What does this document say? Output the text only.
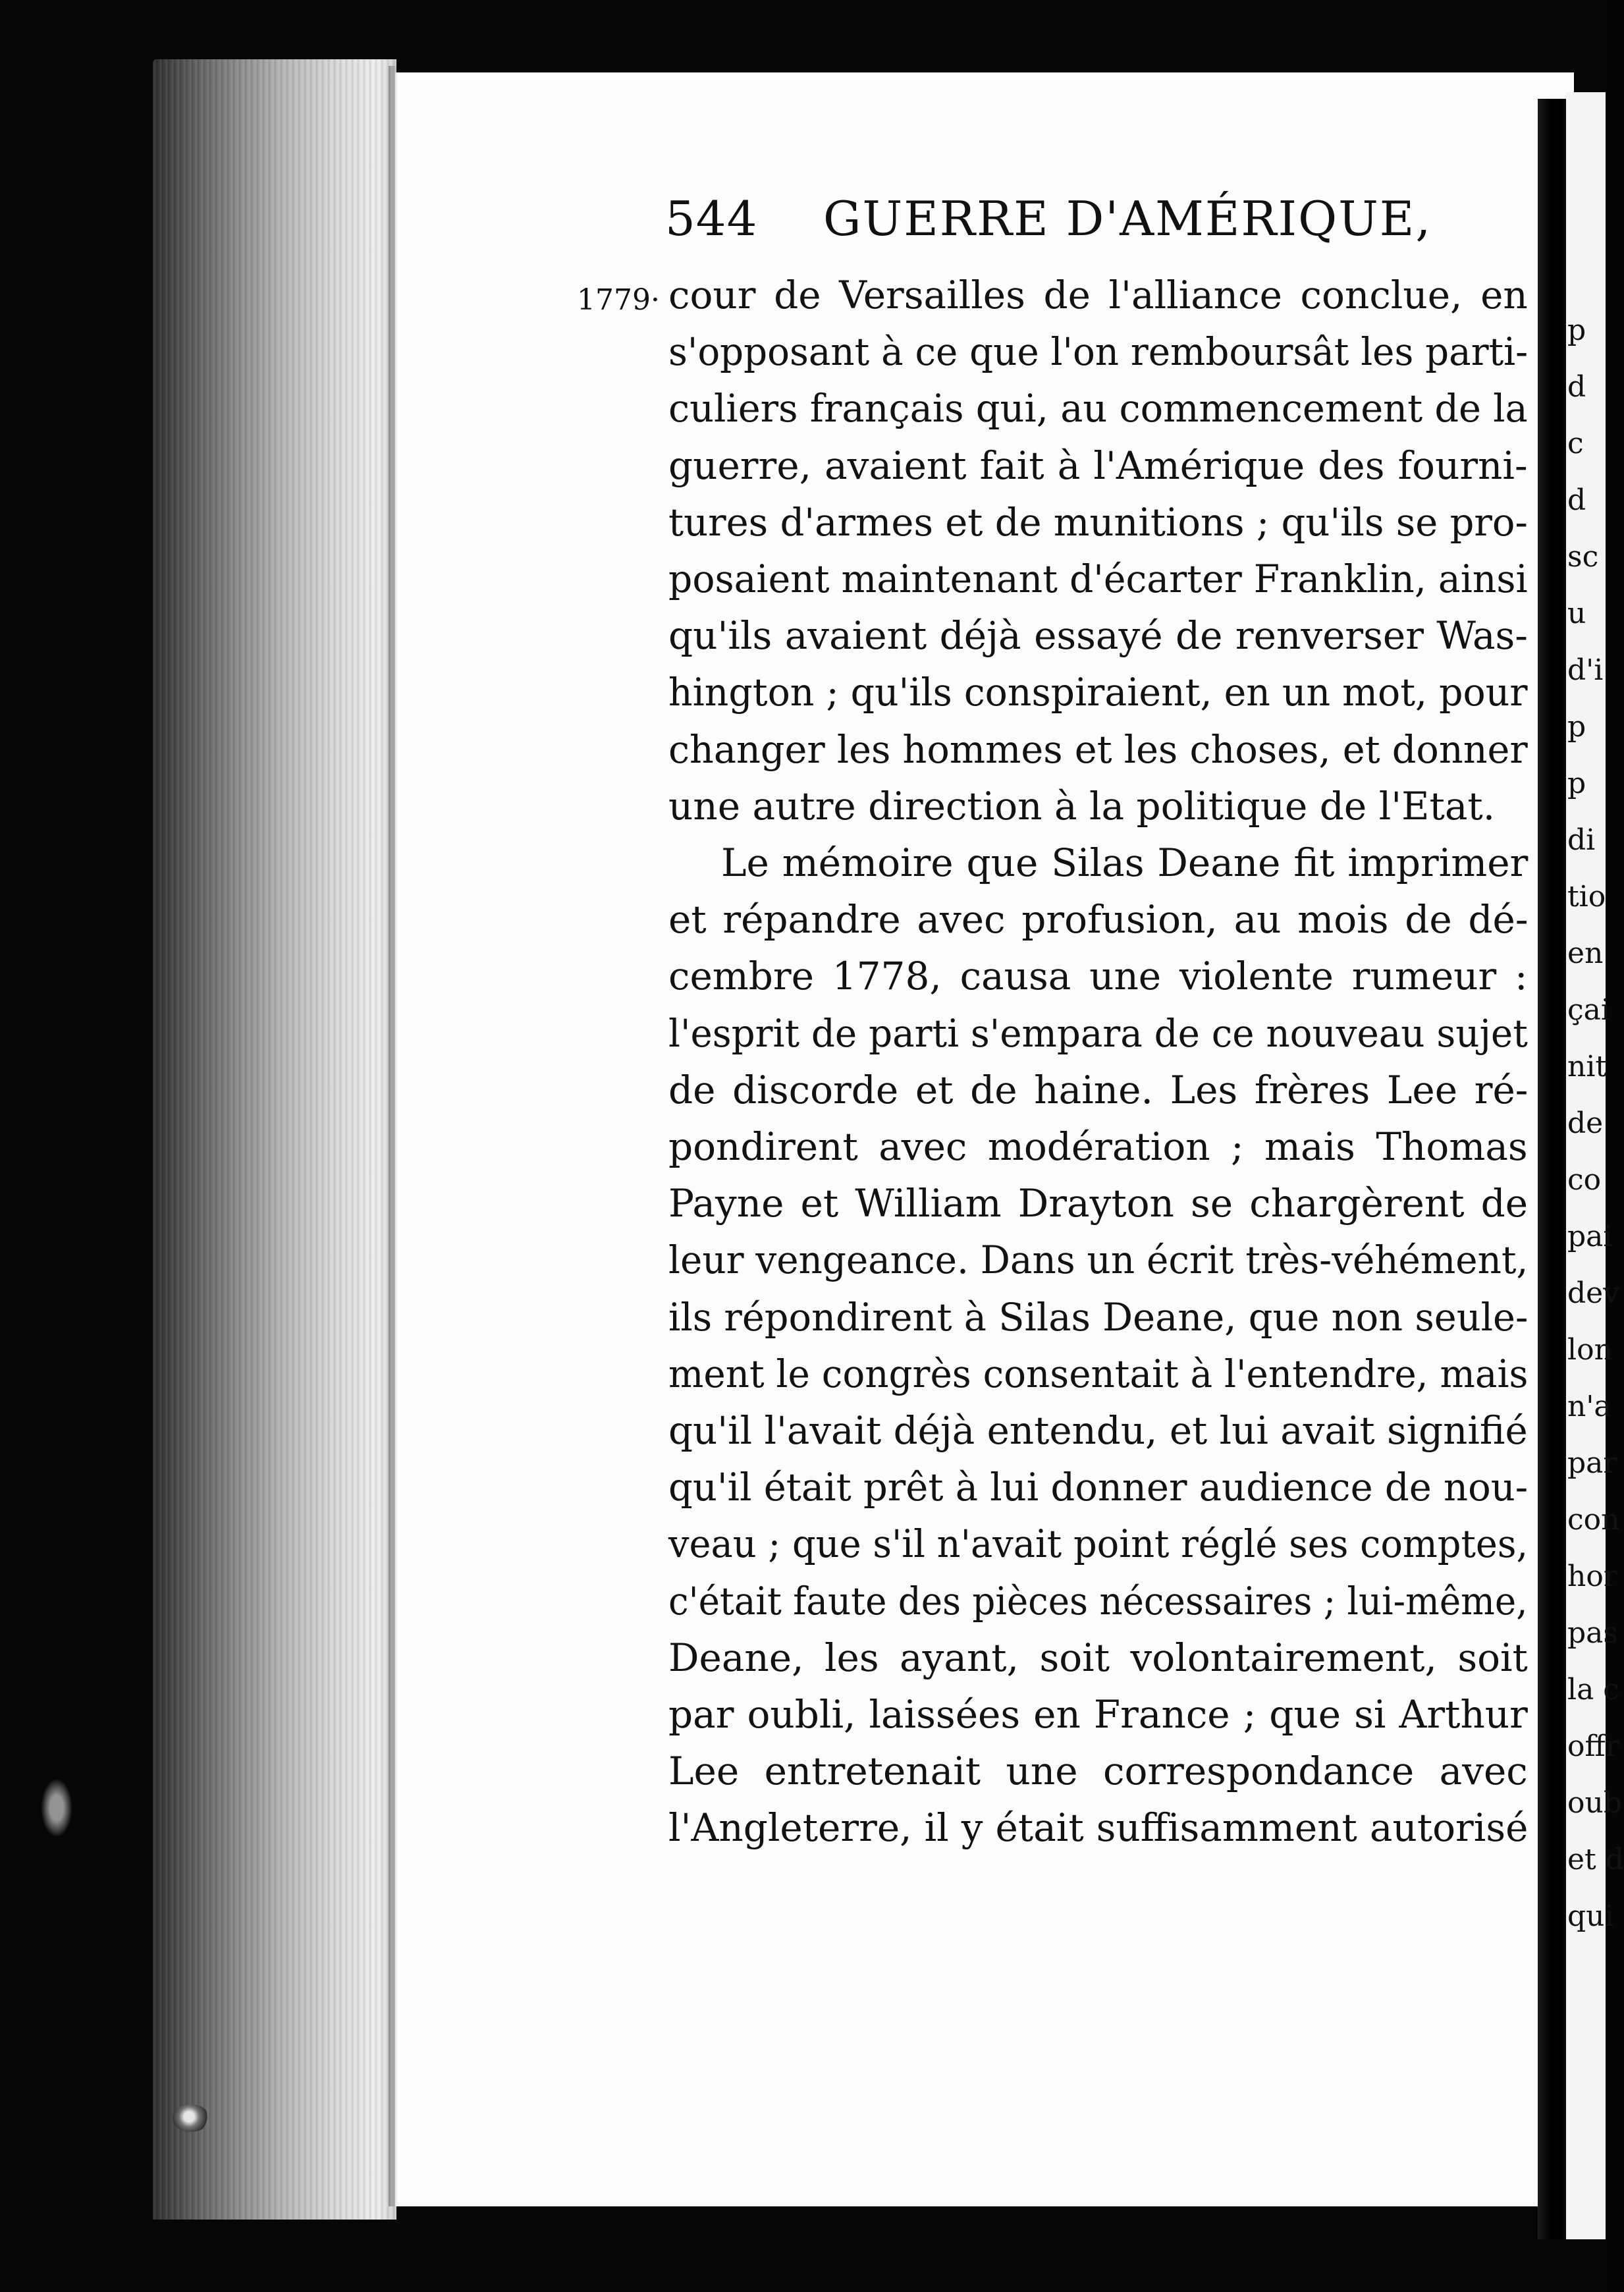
544 GUERRE D'AMÉRIQUE,
1779· cour de Versailles de l'alliance conclue, en
s'opposant à ce que l'on remboursât les parti-
culiers français qui, au commencement de la
guerre, avaient fait à l'Amérique des fourni-
tures d'armes et de munitions ; qu'ils se pro-
posaient maintenant d'écarter Franklin, ainsi
qu'ils avaient déjà essayé de renverser Was-
hington ; qu'ils conspiraient, en un mot, pour
changer les hommes et les choses, et donner
une autre direction à la politique de l'Etat.
Le mémoire que Silas Deane fit imprimer
et répandre avec profusion, au mois de dé-
cembre 1778, causa une violente rumeur :
l'esprit de parti s'empara de ce nouveau sujet
de discorde et de haine. Les frères Lee ré-
pondirent avec modération ; mais Thomas
Payne et William Drayton se chargèrent de
leur vengeance. Dans un écrit très-véhément,
ils répondirent à Silas Deane, que non seule-
ment le congrès consentait à l'entendre, mais
qu'il l'avait déjà entendu, et lui avait signifié
qu'il était prêt à lui donner audience de nou-
veau ; que s'il n'avait point réglé ses comptes,
c'était faute des pièces nécessaires ; lui-même,
Deane, les ayant, soit volontairement, soit
par oubli, laissées en France ; que si Arthur
Lee entretenait une correspondance avec
l'Angleterre, il y était suffisamment autorisé
p
d
c
d
sc
u
d'i
p
p
di
tio
en
çai
nit
de
co
pai
dev
lon
n'a
par
con
hor
pas
la c
offr
oub
et d
qui
